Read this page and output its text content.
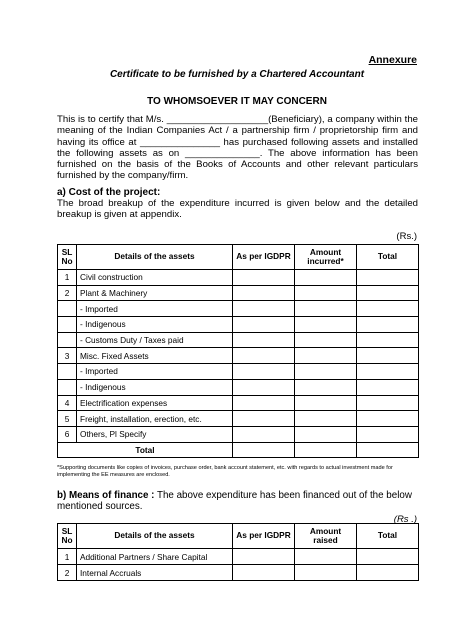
Annexure
Certificate to be furnished by a Chartered Accountant
TO WHOMSOEVER IT MAY CONCERN
This is to certify that M/s. ___________________(Beneficiary), a company within the meaning of the Indian Companies Act / a partnership firm / proprietorship firm and having its office at _______________ has purchased following assets and installed the following assets as on ______________. The above information has been furnished on the basis of the Books of Accounts and other relevant particulars furnished by the company/firm.
a) Cost of the project:
The broad breakup of the expenditure incurred is given below and the detailed breakup is given at appendix.
(Rs.)
SL No	Details of the assets	As per IGDPR	Amount incurred*	Total
1	Civil construction			
2	Plant & Machinery			
	- Imported			
	- Indigenous			
	- Customs Duty / Taxes paid			
3	Misc. Fixed Assets			
	- Imported			
	- Indigenous			
4	Electrification expenses			
5	Freight, installation, erection, etc.			
6	Others, Pl Specify			
Total				
*Supporting documents like copies of invoices, purchase order, bank account statement, etc. with regards to actual investment made for implementing the EE measures are enclosed.
b) Means of finance : The above expenditure has been financed out of the below mentioned sources.
(Rs .)
SL No	Details of the assets	As per IGDPR	Amount raised	Total
1	Additional Partners / Share Capital			
2	Internal Accruals			
